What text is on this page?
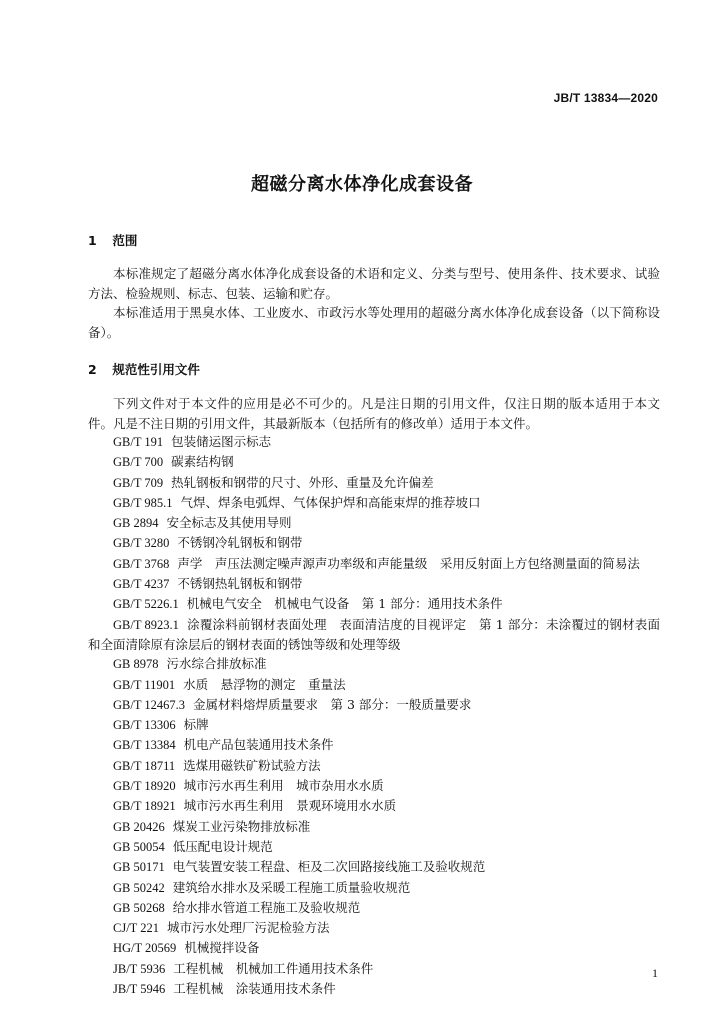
JB/T 13834—2020
超磁分离水体净化成套设备
1 范围
本标准规定了超磁分离水体净化成套设备的术语和定义、分类与型号、使用条件、技术要求、试验方法、检验规则、标志、包装、运输和贮存。
本标准适用于黑臭水体、工业废水、市政污水等处理用的超磁分离水体净化成套设备（以下简称设备）。
2 规范性引用文件
下列文件对于本文件的应用是必不可少的。凡是注日期的引用文件，仅注日期的版本适用于本文件。凡是不注日期的引用文件，其最新版本（包括所有的修改单）适用于本文件。
GB/T 191 包装储运图示标志
GB/T 700 碳素结构钢
GB/T 709 热轧钢板和钢带的尺寸、外形、重量及允许偏差
GB/T 985.1 气焊、焊条电弧焊、气体保护焊和高能束焊的推荐坡口
GB 2894 安全标志及其使用导则
GB/T 3280 不锈钢冷轧钢板和钢带
GB/T 3768 声学　声压法测定噪声源声功率级和声能量级　采用反射面上方包络测量面的简易法
GB/T 4237 不锈钢热轧钢板和钢带
GB/T 5226.1 机械电气安全　机械电气设备　第 1 部分：通用技术条件
GB/T 8923.1 涂覆涂料前钢材表面处理　表面清洁度的目视评定　第 1 部分：未涂覆过的钢材表面和全面清除原有涂层后的钢材表面的锈蚀等级和处理等级
GB 8978 污水综合排放标准
GB/T 11901 水质　悬浮物的测定　重量法
GB/T 12467.3 金属材料熔焊质量要求　第 3 部分：一般质量要求
GB/T 13306 标牌
GB/T 13384 机电产品包装通用技术条件
GB/T 18711 选煤用磁铁矿粉试验方法
GB/T 18920 城市污水再生利用　城市杂用水水质
GB/T 18921 城市污水再生利用　景观环境用水水质
GB 20426 煤炭工业污染物排放标准
GB 50054 低压配电设计规范
GB 50171 电气装置安装工程盘、柜及二次回路接线施工及验收规范
GB 50242 建筑给水排水及采暖工程施工质量验收规范
GB 50268 给水排水管道工程施工及验收规范
CJ/T 221 城市污水处理厂污泥检验方法
HG/T 20569 机械搅拌设备
JB/T 5936 工程机械　机械加工件通用技术条件
JB/T 5946 工程机械　涂装通用技术条件
1
